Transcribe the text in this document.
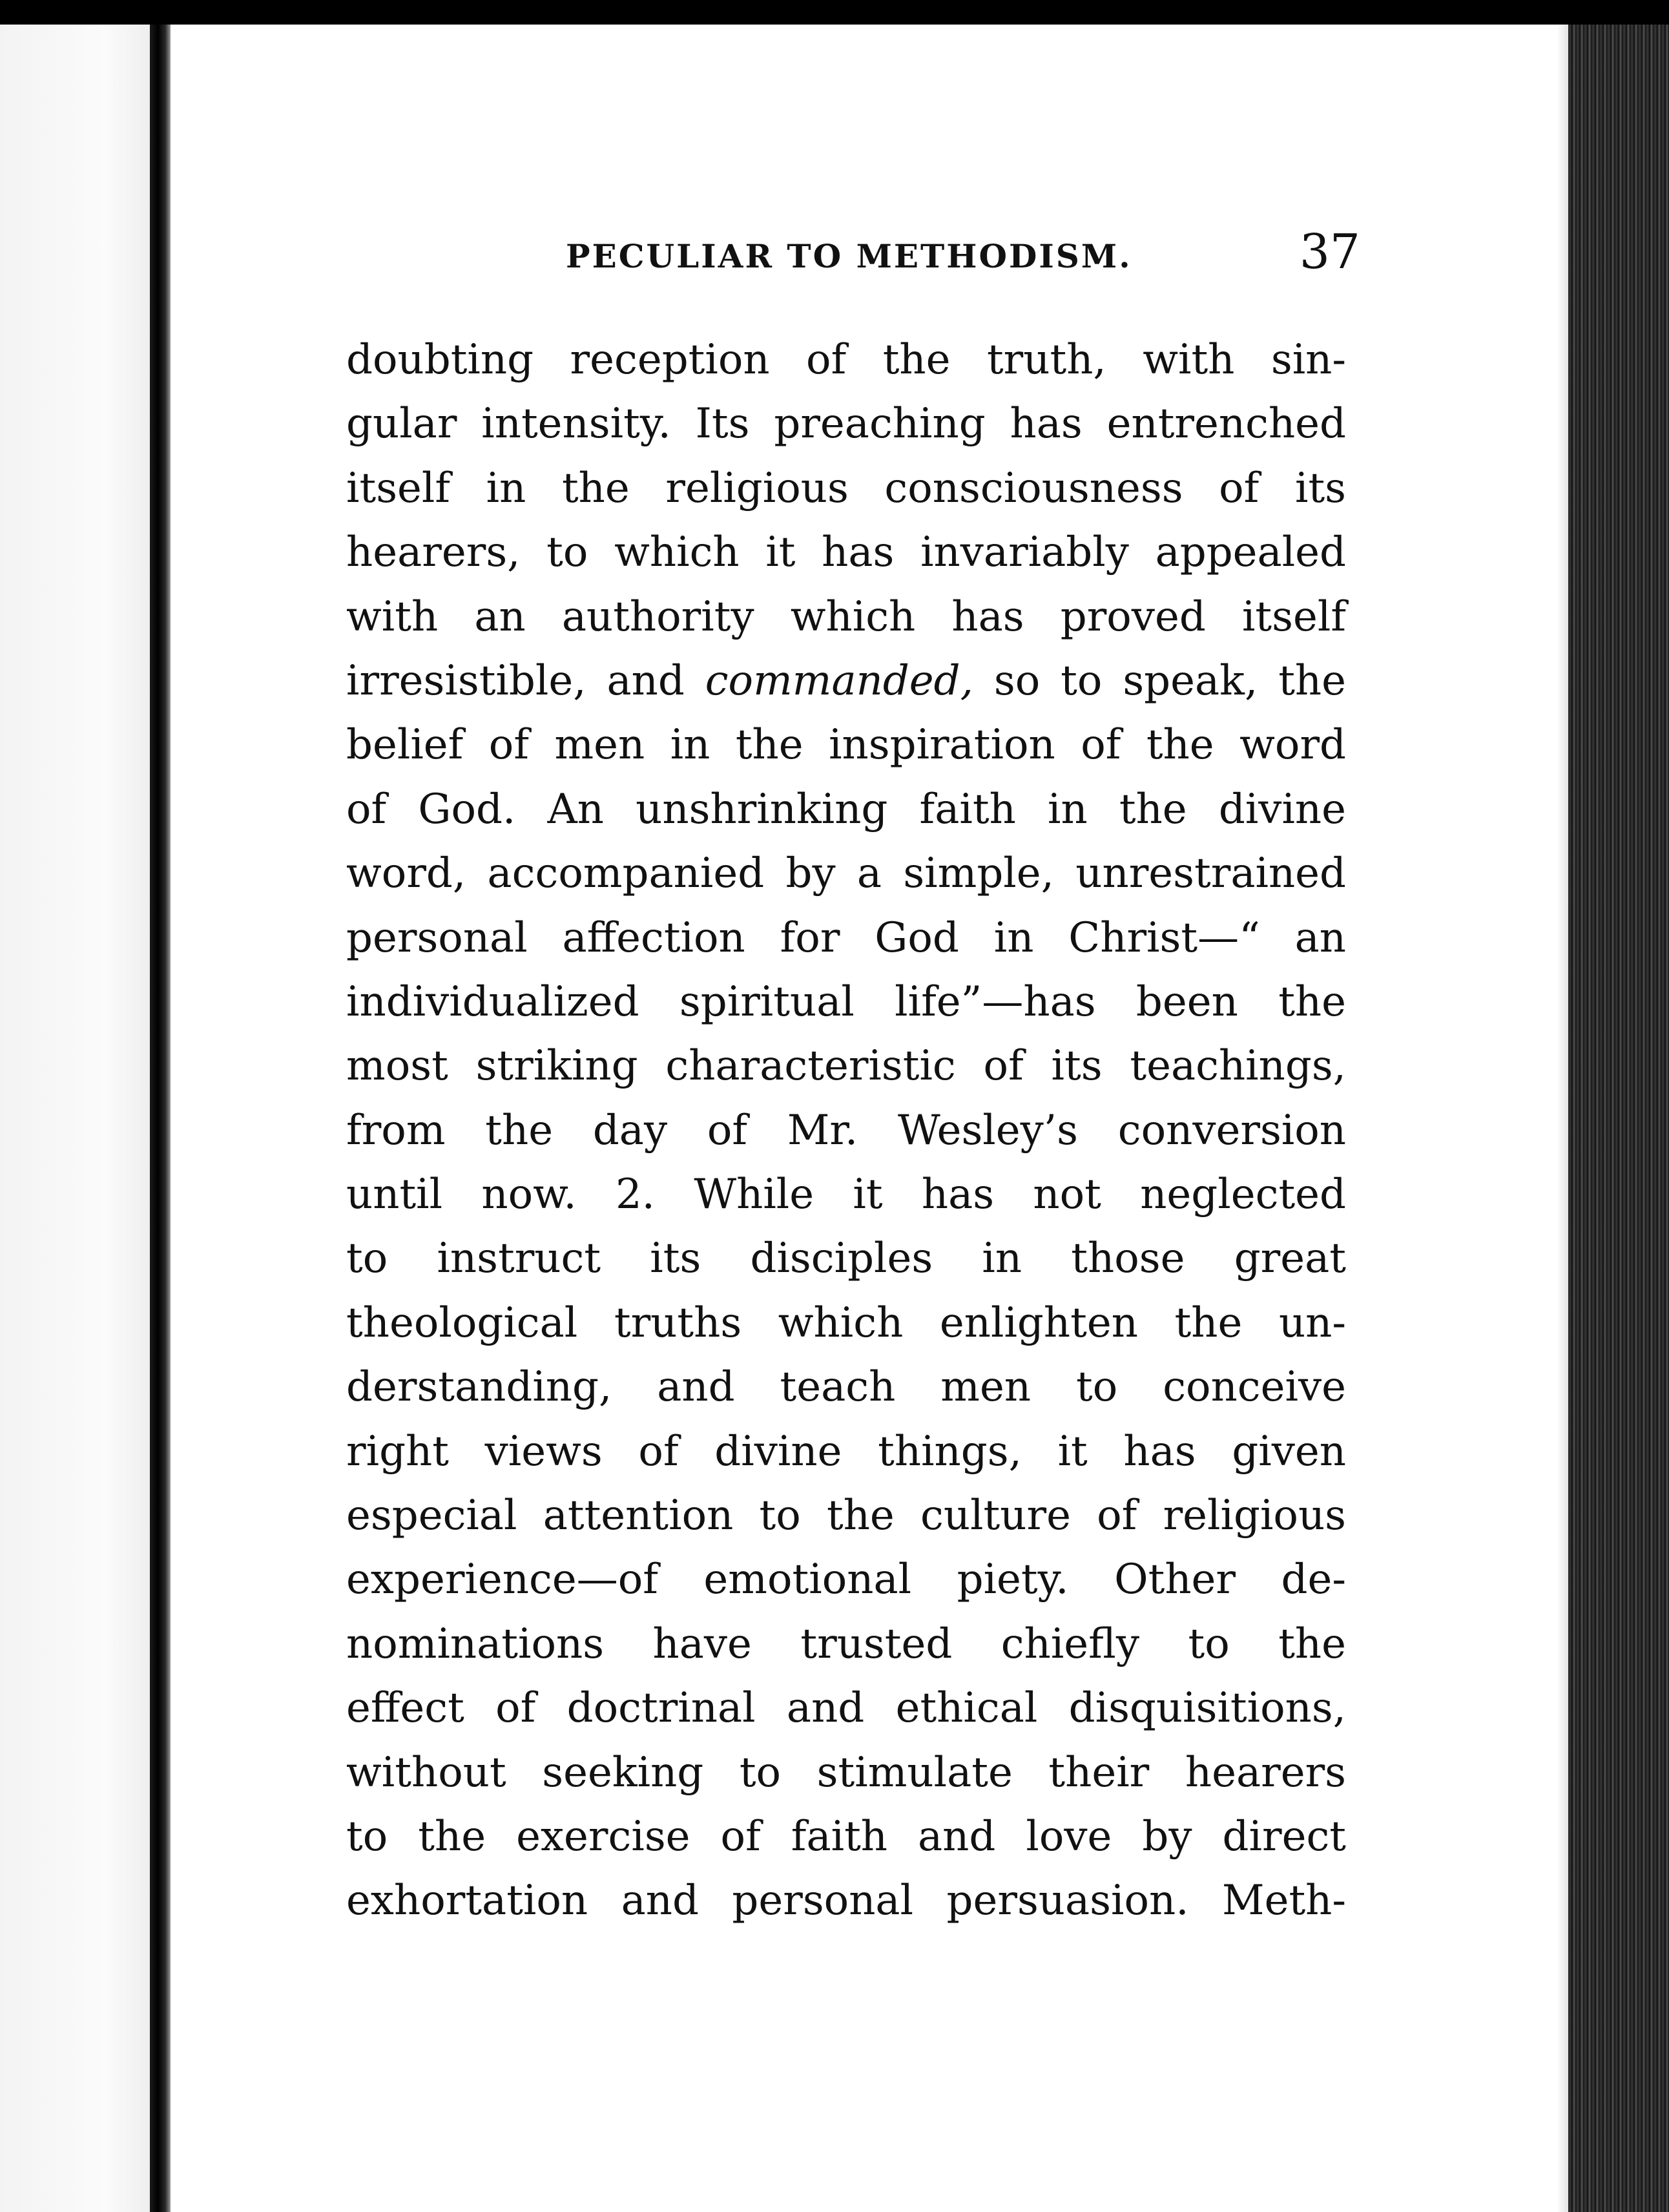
PECULIAR TO METHODISM.	37
doubting reception of the truth, with sin-
gular intensity. Its preaching has entrenched
itself in the religious consciousness of its
hearers, to which it has invariably appealed
with an authority which has proved itself
irresistible, and commanded, so to speak, the
belief of men in the inspiration of the word
of God. An unshrinking faith in the divine
word, accompanied by a simple, unrestrained
personal affection for God in Christ—“ an
individualized spiritual life”—has been the
most striking characteristic of its teachings,
from the day of Mr. Wesley’s conversion
until now. 2. While it has not neglected
to instruct its disciples in those great
theological truths which enlighten the un-
derstanding, and teach men to conceive
right views of divine things, it has given
especial attention to the culture of religious
experience—of emotional piety. Other de-
nominations have trusted chiefly to the
effect of doctrinal and ethical disquisitions,
without seeking to stimulate their hearers
to the exercise of faith and love by direct
exhortation and personal persuasion. Meth-
